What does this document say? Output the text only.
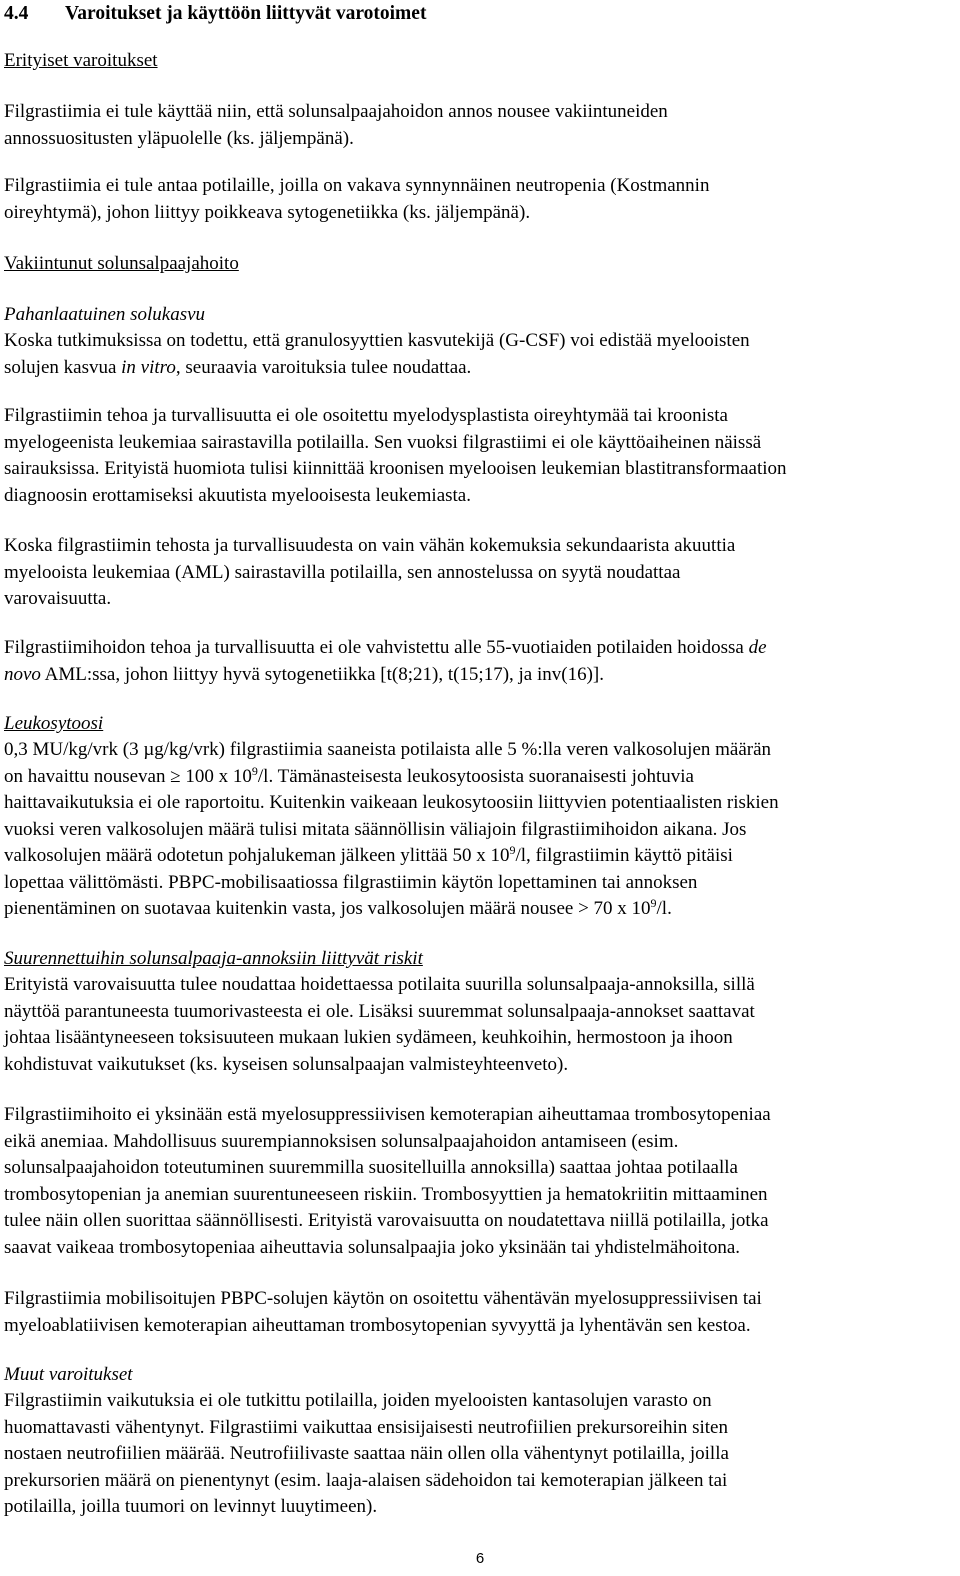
4.4 Varoitukset ja käyttöön liittyvät varotoimet
Erityiset varoitukset
Filgrastiimia ei tule käyttää niin, että solunsalpaajahoidon annos nousee vakiintuneiden
annossuositusten yläpuolelle (ks. jäljempänä).
Filgrastiimia ei tule antaa potilaille, joilla on vakava synnynnäinen neutropenia (Kostmannin
oireyhtymä), johon liittyy poikkeava sytogenetiikka (ks. jäljempänä).
Vakiintunut solunsalpaajahoito
Pahanlaatuinen solukasvu
Koska tutkimuksissa on todettu, että granulosyyttien kasvutekijä (G-CSF) voi edistää myelooisten
solujen kasvua in vitro, seuraavia varoituksia tulee noudattaa.
Filgrastiimin tehoa ja turvallisuutta ei ole osoitettu myelodysplastista oireyhtymää tai kroonista
myelogeenista leukemiaa sairastavilla potilailla. Sen vuoksi filgrastiimi ei ole käyttöaiheinen näissä
sairauksissa. Erityistä huomiota tulisi kiinnittää kroonisen myelooisen leukemian blastitransformaation
diagnoosin erottamiseksi akuutista myelooisesta leukemiasta.
Koska filgrastiimin tehosta ja turvallisuudesta on vain vähän kokemuksia sekundaarista akuuttia
myelooista leukemiaa (AML) sairastavilla potilailla, sen annostelussa on syytä noudattaa
varovaisuutta.
Filgrastiimihoidon tehoa ja turvallisuutta ei ole vahvistettu alle 55-vuotiaiden potilaiden hoidossa de
novo AML:ssa, johon liittyy hyvä sytogenetiikka [t(8;21), t(15;17), ja inv(16)].
Leukosytoosi
0,3 MU/kg/vrk (3 µg/kg/vrk) filgrastiimia saaneista potilaista alle 5 %:lla veren valkosolujen määrän
on havaittu nousevan ≥ 100 x $10^9/l$. Tämänasteisesta leukosytoosista suoranaisesti johtuvia
haittavaikutuksia ei ole raportoitu. Kuitenkin vaikeaan leukosytoosiin liittyvien potentiaalisten riskien
vuoksi veren valkosolujen määrä tulisi mitata säännöllisin väliajoin filgrastiimihoidon aikana. Jos
valkosolujen määrä odotetun pohjalukeman jälkeen ylittää 50 x $10^9/l$, filgrastiimin käyttö pitäisi
lopettaa välittömästi. PBPC-mobilisaatiossa filgrastiimin käytön lopettaminen tai annoksen
pienentäminen on suotavaa kuitenkin vasta, jos valkosolujen määrä nousee > 70 x $10^9/l$.
Suurennettuihin solunsalpaaja-annoksiin liittyvät riskit
Erityistä varovaisuutta tulee noudattaa hoidettaessa potilaita suurilla solunsalpaaja-annoksilla, sillä
näyttöä parantuneesta tuumorivasteesta ei ole. Lisäksi suuremmat solunsalpaaja-annokset saattavat
johtaa lisääntyneeseen toksisuuteen mukaan lukien sydämeen, keuhkoihin, hermostoon ja ihoon
kohdistuvat vaikutukset (ks. kyseisen solunsalpaajan valmisteyhteenveto).
Filgrastiimihoito ei yksinään estä myelosuppressiivisen kemoterapian aiheuttamaa trombosytopeniaa
eikä anemiaa. Mahdollisuus suurempiannoksisen solunsalpaajahoidon antamiseen (esim.
solunsalpaajahoidon toteutuminen suuremmilla suositelluilla annoksilla) saattaa johtaa potilaalla
trombosytopenian ja anemian suurentuneeseen riskiin. Trombosyyttien ja hematokriitin mittaaminen
tulee näin ollen suorittaa säännöllisesti. Erityistä varovaisuutta on noudatettava niillä potilailla, jotka
saavat vaikeaa trombosytopeniaa aiheuttavia solunsalpaajia joko yksinään tai yhdistelmähoitona.
Filgrastiimia mobilisoitujen PBPC-solujen käytön on osoitettu vähentävän myelosuppressiivisen tai
myeloablatiivisen kemoterapian aiheuttaman trombosytopenian syvyyttä ja lyhentävän sen kestoa.
Muut varoitukset
Filgrastiimin vaikutuksia ei ole tutkittu potilailla, joiden myelooisten kantasolujen varasto on
huomattavasti vähentynyt. Filgrastiimi vaikuttaa ensisijaisesti neutrofiilien prekursoreihin siten
nostaen neutrofiilien määrää. Neutrofiilivaste saattaa näin ollen olla vähentynyt potilailla, joilla
prekursorien määrä on pienentynyt (esim. laaja-alaisen sädehoidon tai kemoterapian jälkeen tai
potilailla, joilla tuumori on levinnyt luuytimeen).
6
